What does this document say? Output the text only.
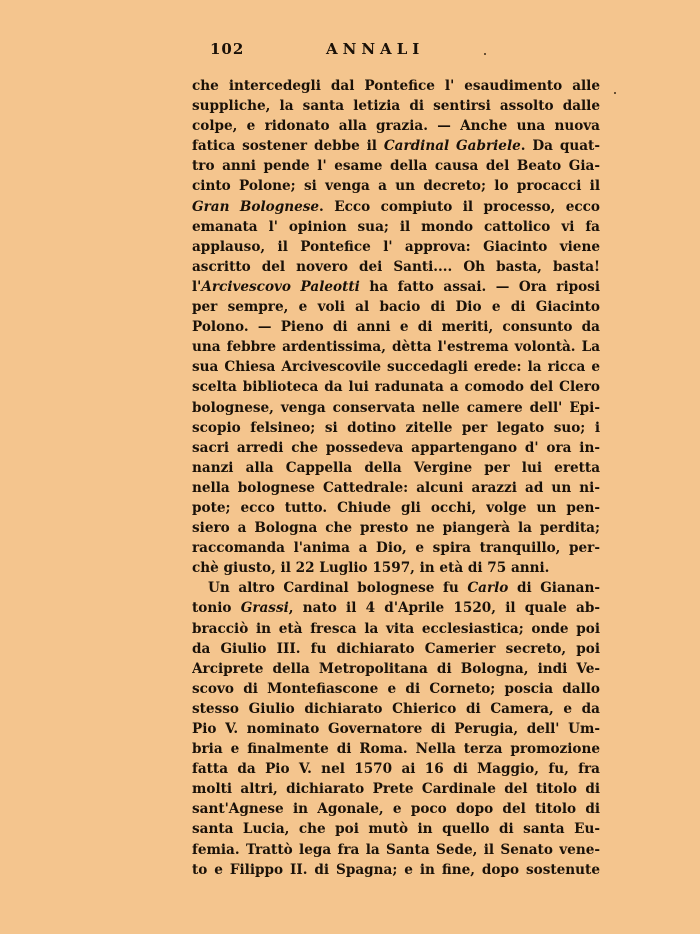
102	ANNALI
che intercedegli dal Pontefice l' esaudimento alle
suppliche, la santa letizia di sentirsi assolto dalle
colpe, e ridonato alla grazia. — Anche una nuova
fatica sostener debbe il Cardinal Gabriele. Da quat-
tro anni pende l' esame della causa del Beato Gia-
cinto Polone; si venga a un decreto; lo procacci il
Gran Bolognese. Ecco compiuto il processo, ecco
emanata l' opinion sua; il mondo cattolico vi fa
applauso, il Pontefice l' approva: Giacinto viene
ascritto del novero dei Santi.... Oh basta, basta!
l'Arcivescovo Paleotti ha fatto assai. — Ora riposi
per sempre, e voli al bacio di Dio e di Giacinto
Polono. — Pieno di anni e di meriti, consunto da
una febbre ardentissima, dètta l'estrema volontà. La
sua Chiesa Arcivescovile succedagli erede: la ricca e
scelta biblioteca da lui radunata a comodo del Clero
bolognese, venga conservata nelle camere dell' Epi-
scopio felsineo; si dotino zitelle per legato suo; i
sacri arredi che possedeva appartengano d' ora in-
nanzi alla Cappella della Vergine per lui eretta
nella bolognese Cattedrale: alcuni arazzi ad un ni-
pote; ecco tutto. Chiude gli occhi, volge un pen-
siero a Bologna che presto ne piangerà la perdita;
raccomanda l'anima a Dio, e spira tranquillo, per-
chè giusto, il 22 Luglio 1597, in età di 75 anni.
Un altro Cardinal bolognese fu Carlo di Gianan-
tonio Grassi, nato il 4 d'Aprile 1520, il quale ab-
bracciò in età fresca la vita ecclesiastica; onde poi
da Giulio III. fu dichiarato Camerier secreto, poi
Arciprete della Metropolitana di Bologna, indi Ve-
scovo di Montefiascone e di Corneto; poscia dallo
stesso Giulio dichiarato Chierico di Camera, e da
Pio V. nominato Governatore di Perugia, dell' Um-
bria e finalmente di Roma. Nella terza promozione
fatta da Pio V. nel 1570 ai 16 di Maggio, fu, fra
molti altri, dichiarato Prete Cardinale del titolo di
sant'Agnese in Agonale, e poco dopo del titolo di
santa Lucia, che poi mutò in quello di santa Eu-
femia. Trattò lega fra la Santa Sede, il Senato vene-
to e Filippo II. di Spagna; e in fine, dopo sostenute
